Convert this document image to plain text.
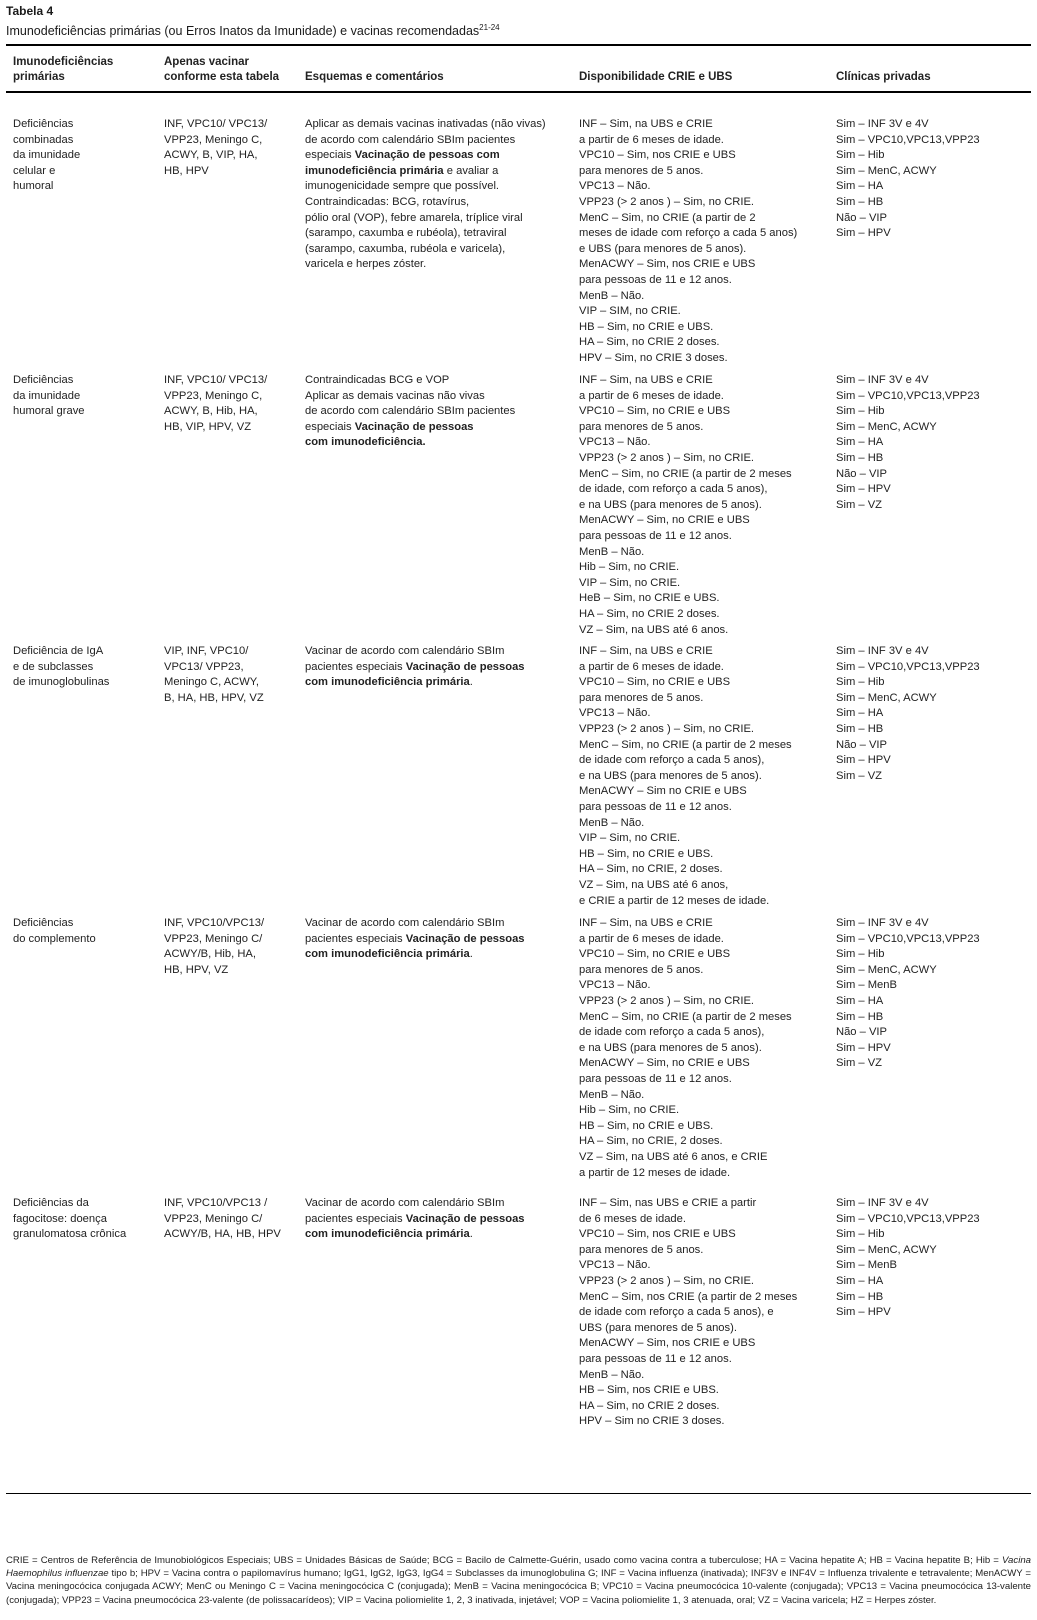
Tabela 4
Imunodeficiências primárias (ou Erros Inatos da Imunidade) e vacinas recomendadas$^{21-24}$
Imunodeficiências
primárias
Apenas vacinar
conforme esta tabela Esquemas e comentários	Disponibilidade CRIE e UBS	Clínicas privadas
Deficiências
combinadas
da imunidade
celular e
humoral
INF, VPC10/ VPC13/
VPP23, Meningo C,
ACWY, B, VIP, HA,
HB, HPV
Aplicar as demais vacinas inativadas (não vivas)
de acordo com calendário SBIm pacientes
especiais Vacinação de pessoas com
imunodeficiência primária e avaliar a
imunogenicidade sempre que possível.
Contraindicadas: BCG, rotavírus,
pólio oral (VOP), febre amarela, tríplice viral
(sarampo, caxumba e rubéola), tetraviral
(sarampo, caxumba, rubéola e varicela),
varicela e herpes zóster.
INF – Sim, na UBS e CRIE
a partir de 6 meses de idade.
VPC10 – Sim, nos CRIE e UBS
para menores de 5 anos.
VPC13 – Não.
VPP23 (> 2 anos ) – Sim, no CRIE.
MenC – Sim, no CRIE (a partir de 2
meses de idade com reforço a cada 5 anos)
e UBS (para menores de 5 anos).
MenACWY – Sim, nos CRIE e UBS
para pessoas de 11 e 12 anos.
MenB – Não.
VIP – SIM, no CRIE.
HB – Sim, no CRIE e UBS.
HA – Sim, no CRIE 2 doses.
HPV – Sim, no CRIE 3 doses.
Sim – INF 3V e 4V
Sim – VPC10,VPC13,VPP23
Sim – Hib
Sim – MenC, ACWY
Sim – HA
Sim – HB
Não – VIP
Sim – HPV
Deficiências
da imunidade
humoral grave
INF, VPC10/ VPC13/
VPP23, Meningo C,
ACWY, B, Hib, HA,
HB, VIP, HPV, VZ
Contraindicadas BCG e VOP
Aplicar as demais vacinas não vivas
de acordo com calendário SBIm pacientes
especiais Vacinação de pessoas
com imunodeficiência.
INF – Sim, na UBS e CRIE
a partir de 6 meses de idade.
VPC10 – Sim, no CRIE e UBS
para menores de 5 anos.
VPC13 – Não.
VPP23 (> 2 anos ) – Sim, no CRIE.
MenC – Sim, no CRIE (a partir de 2 meses
de idade, com reforço a cada 5 anos),
e na UBS (para menores de 5 anos).
MenACWY – Sim, no CRIE e UBS
para pessoas de 11 e 12 anos.
MenB – Não.
Hib – Sim, no CRIE.
VIP – Sim, no CRIE.
HeB – Sim, no CRIE e UBS.
HA – Sim, no CRIE 2 doses.
VZ – Sim, na UBS até 6 anos.
Sim – INF 3V e 4V
Sim – VPC10,VPC13,VPP23
Sim – Hib
Sim – MenC, ACWY
Sim – HA
Sim – HB
Não – VIP
Sim – HPV
Sim – VZ
Deficiência de IgA
e de subclasses
de imunoglobulinas
VIP, INF, VPC10/
VPC13/ VPP23,
Meningo C, ACWY,
B, HA, HB, HPV, VZ
Vacinar de acordo com calendário SBIm
pacientes especiais Vacinação de pessoas
com imunodeficiência primária.
INF – Sim, na UBS e CRIE
a partir de 6 meses de idade.
VPC10 – Sim, no CRIE e UBS
para menores de 5 anos.
VPC13 – Não.
VPP23 (> 2 anos ) – Sim, no CRIE.
MenC – Sim, no CRIE (a partir de 2 meses
de idade com reforço a cada 5 anos),
e na UBS (para menores de 5 anos).
MenACWY – Sim no CRIE e UBS
para pessoas de 11 e 12 anos.
MenB – Não.
VIP – Sim, no CRIE.
HB – Sim, no CRIE e UBS.
HA – Sim, no CRIE, 2 doses.
VZ – Sim, na UBS até 6 anos,
e CRIE a partir de 12 meses de idade.
Sim – INF 3V e 4V
Sim – VPC10,VPC13,VPP23
Sim – Hib
Sim – MenC, ACWY
Sim – HA
Sim – HB
Não – VIP
Sim – HPV
Sim – VZ
Deficiências
do complemento
INF, VPC10/VPC13/
VPP23, Meningo C/
ACWY/B, Hib, HA,
HB, HPV, VZ
Vacinar de acordo com calendário SBIm
pacientes especiais Vacinação de pessoas
com imunodeficiência primária.
INF – Sim, na UBS e CRIE
a partir de 6 meses de idade.
VPC10 – Sim, no CRIE e UBS
para menores de 5 anos.
VPC13 – Não.
VPP23 (> 2 anos ) – Sim, no CRIE.
MenC – Sim, no CRIE (a partir de 2 meses
de idade com reforço a cada 5 anos),
e na UBS (para menores de 5 anos).
MenACWY – Sim, no CRIE e UBS
para pessoas de 11 e 12 anos.
MenB – Não.
Hib – Sim, no CRIE.
HB – Sim, no CRIE e UBS.
HA – Sim, no CRIE, 2 doses.
VZ – Sim, na UBS até 6 anos, e CRIE
a partir de 12 meses de idade.
Sim – INF 3V e 4V
Sim – VPC10,VPC13,VPP23
Sim – Hib
Sim – MenC, ACWY
Sim – MenB
Sim – HA
Sim – HB
Não – VIP
Sim – HPV
Sim – VZ
Deficiências da
fagocitose: doença
granulomatosa crônica
INF, VPC10/VPC13 /
VPP23, Meningo C/
ACWY/B, HA, HB, HPV
Vacinar de acordo com calendário SBIm
pacientes especiais Vacinação de pessoas
com imunodeficiência primária.
INF – Sim, nas UBS e CRIE a partir
de 6 meses de idade.
VPC10 – Sim, nos CRIE e UBS
para menores de 5 anos.
VPC13 – Não.
VPP23 (> 2 anos ) – Sim, no CRIE.
MenC – Sim, nos CRIE (a partir de 2 meses
de idade com reforço a cada 5 anos), e
UBS (para menores de 5 anos).
MenACWY – Sim, nos CRIE e UBS
para pessoas de 11 e 12 anos.
MenB – Não.
HB – Sim, nos CRIE e UBS.
HA – Sim, no CRIE 2 doses.
HPV – Sim no CRIE 3 doses.
Sim – INF 3V e 4V
Sim – VPC10,VPC13,VPP23
Sim – Hib
Sim – MenC, ACWY
Sim – MenB
Sim – HA
Sim – HB
Sim – HPV
CRIE = Centros de Referência de Imunobiológicos Especiais; UBS = Unidades Básicas de Saúde; BCG = Bacilo de Calmette-Guérin, usado como vacina contra a tuberculose; HA = Vacina hepatite A; HB = Vacina hepatite B; Hib = Vacina Haemophilus influenzae tipo b; HPV = Vacina contra o papilomavírus humano; IgG1, IgG2, IgG3, IgG4 = Subclasses da imunoglobulina G; INF = Vacina influenza (inativada); INF3V e INF4V = Influenza trivalente e tetravalente; MenACWY = Vacina meningocócica conjugada ACWY; MenC ou Meningo C = Vacina meningocócica C (conjugada); MenB = Vacina meningocócica B; VPC10 = Vacina pneumocócica 10-valente (conjugada); VPC13 = Vacina pneumocócica 13-valente (conjugada); VPP23 = Vacina pneumocócica 23-valente (de polissacarídeos); VIP = Vacina poliomielite 1, 2, 3 inativada, injetável; VOP = Vacina poliomielite 1, 3 atenuada, oral; VZ = Vacina varicela; HZ = Herpes zóster.
